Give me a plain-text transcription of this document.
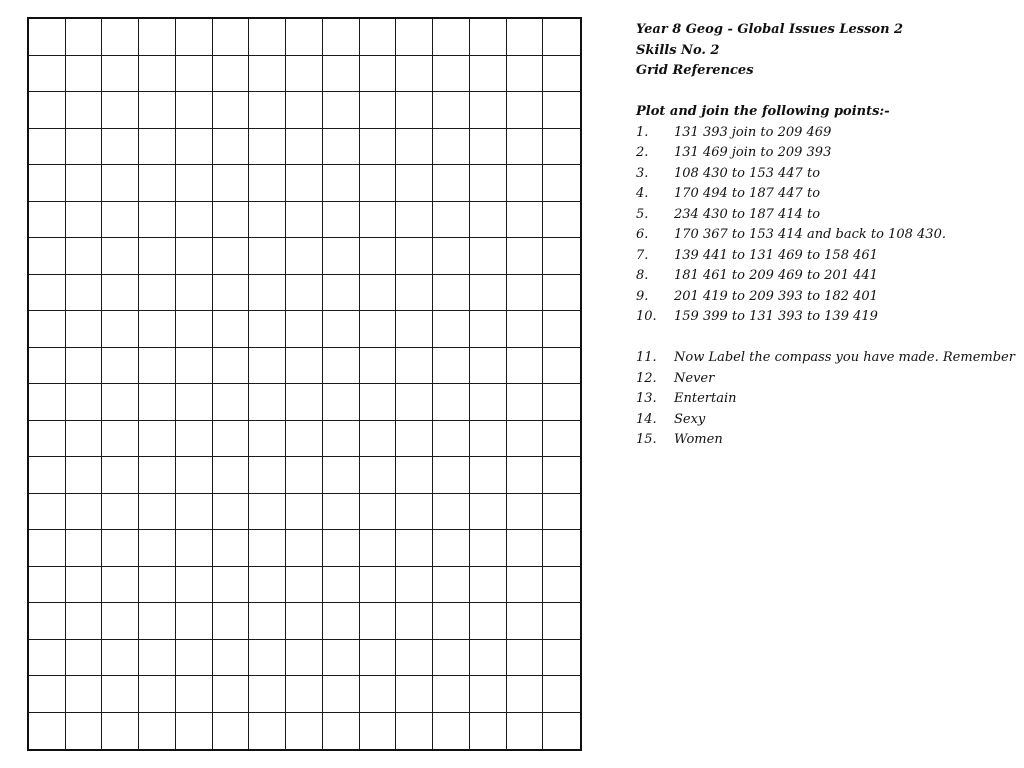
Year 8 Geog - Global Issues Lesson 2
Skills No. 2
Grid References
Plot and join the following points:-
1.	131 393 join to 209 469
2.	131 469 join to 209 393
3.	108 430 to 153 447 to
4.	170 494 to 187 447 to
5.	234 430 to 187 414 to
6.	170 367 to 153 414 and back to 108 430.
7.	139 441 to 131 469 to 158 461
8.	181 461 to 209 469 to 201 441
9.	201 419 to 209 393 to 182 401
10.	159 399 to 131 393 to 139 419
11.	Now Label the compass you have made. Remember
12.	Never
13.	Entertain
14.	Sexy
15.	Women
